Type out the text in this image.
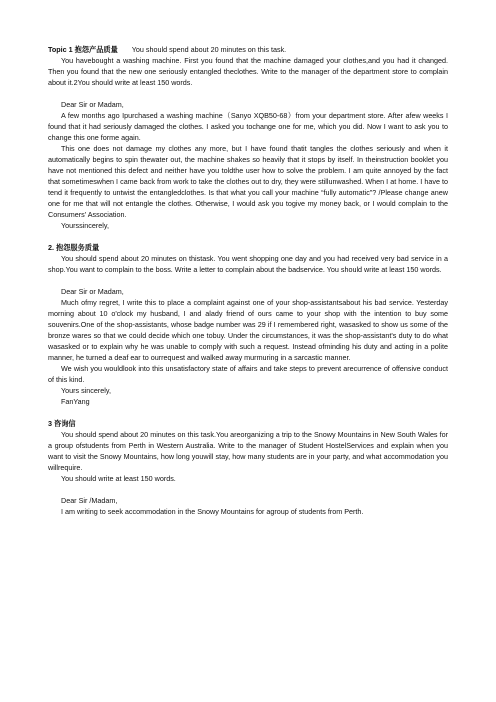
Topic 1 抱怨产品质量 You should spend about 20 minutes on this task.
You havebought a washing machine. First you found that the machine damaged your clothes,and you had it changed. Then you found that the new one seriously entangled theclothes. Write to the manager of the department store to complain about it.2You should write at least 150 words.
Dear Sir or Madam,
A few months ago Ipurchased a washing machine（Sanyo XQB50-68）from your department store. After afew weeks I found that it had seriously damaged the clothes. I asked you tochange one for me, which you did. Now I want to ask you to change this one forme again.
This one does not damage my clothes any more, but I have found thatit tangles the clothes seriously and when it automatically begins to spin thewater out, the machine shakes so heavily that it stops by itself. In theinstruction booklet you have not mentioned this defect and neither have you toldthe user how to solve the problem. I am quite annoyed by the fact that sometimeswhen I came back from work to take the clothes out to dry, they were stillunwashed. When I at home. I have to tend it frequently to untwist the entangledclothes. Is that what you call your machine “fully automatic”? /Please change anew one for me that will not entangle the clothes. Otherwise, I would ask you togive my money back, or I would complain to the Consumers' Association.
Yourssincerely,
2. 抱怨服务质量
You should spend about 20 minutes on thistask. You went shopping one day and you had received very bad service in a shop.You want to complain to the boss. Write a letter to complain about the badservice. You should write at least 150 words.
Dear Sir or Madam,
Much ofmy regret, I write this to place a complaint against one of your shop-assistantsabout his bad service. Yesterday morning about 10 o'clock my husband, I and alady friend of ours came to your shop with the intention to buy some souvenirs.One of the shop-assistants, whose badge number was 29 if I remembered right, wasasked to show us some of the bronze wares so that we could decide which one tobuy. Under the circumstances, it was the shop-assistant's duty to do what wasasked or to explain why he was unable to comply with such a request. Instead ofminding his duty and acting in a polite manner, he turned a deaf ear to ourrequest and walked away murmuring in a sarcastic manner.
We wish you wouldlook into this unsatisfactory state of affairs and take steps to prevent arecurrence of offensive conduct of this kind.
Yours sincerely,
FanYang
3 咨询信
You should spend about 20 minutes on this task.You areorganizing a trip to the Snowy Mountains in New South Wales for a group ofstudents from Perth in Western Australia. Write to the manager of Student HostelServices and explain when you want to visit the Snowy Mountains, how long youwill stay, how many students are in your party, and what accommodation you willrequire.
You should write at least 150 words.
Dear Sir /Madam,
I am writing to seek accommodation in the Snowy Mountains for agroup of students from Perth.
